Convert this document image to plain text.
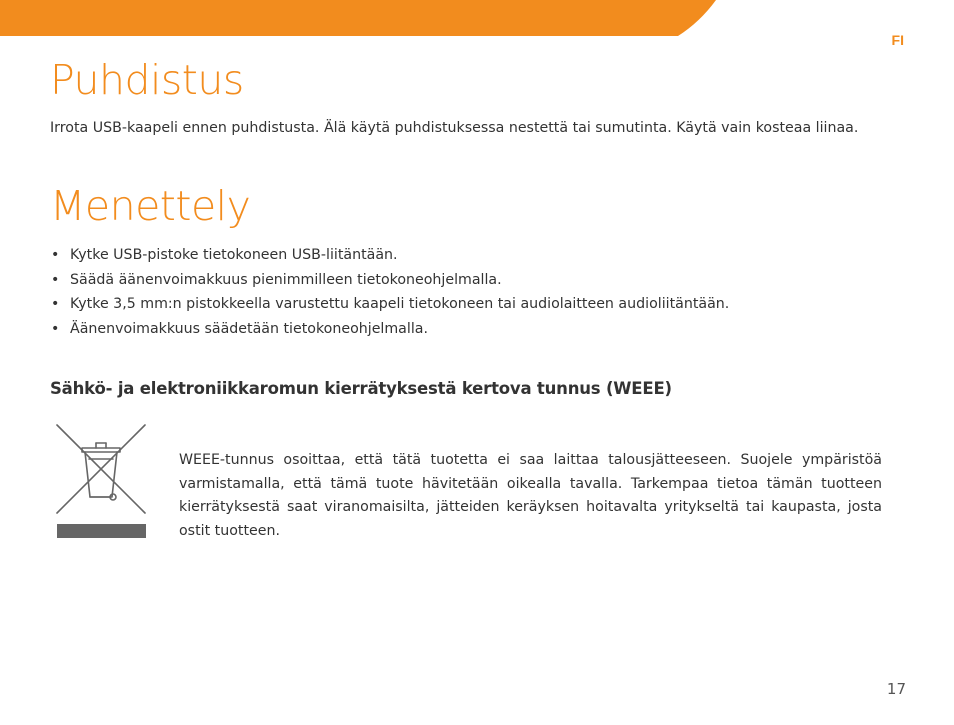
FI
Puhdistus

Irrota USB-kaapeli ennen puhdistusta. Älä käytä puhdistuksessa nestettä tai sumutinta. Käytä vain kosteaa liinaa.

Menettely
• Kytke USB-pistoke tietokoneen USB-liitäntään.
• Säädä äänenvoimakkuus pienimmilleen tietokoneohjelmalla.
• Kytke 3,5 mm:n pistokkeella varustettu kaapeli tietokoneen tai audiolaitteen audioliitäntään.
• Äänenvoimakkuus säädetään tietokoneohjelmalla.
Sähkö- ja elektroniikkaromun kierrätyksestä kertova tunnus (WEEE)

WEEE-tunnus osoittaa, että tätä tuotetta ei saa laittaa talousjätteeseen. Suojele ympäristöä varmistamalla, että tämä tuote hävitetään oikealla tavalla. Tarkempaa tietoa tämän tuotteen kierrätyksestä saat viranomaisilta, jätteiden keräyksen hoitavalta yritykseltä tai kaupasta, josta ostit tuotteen.

17
